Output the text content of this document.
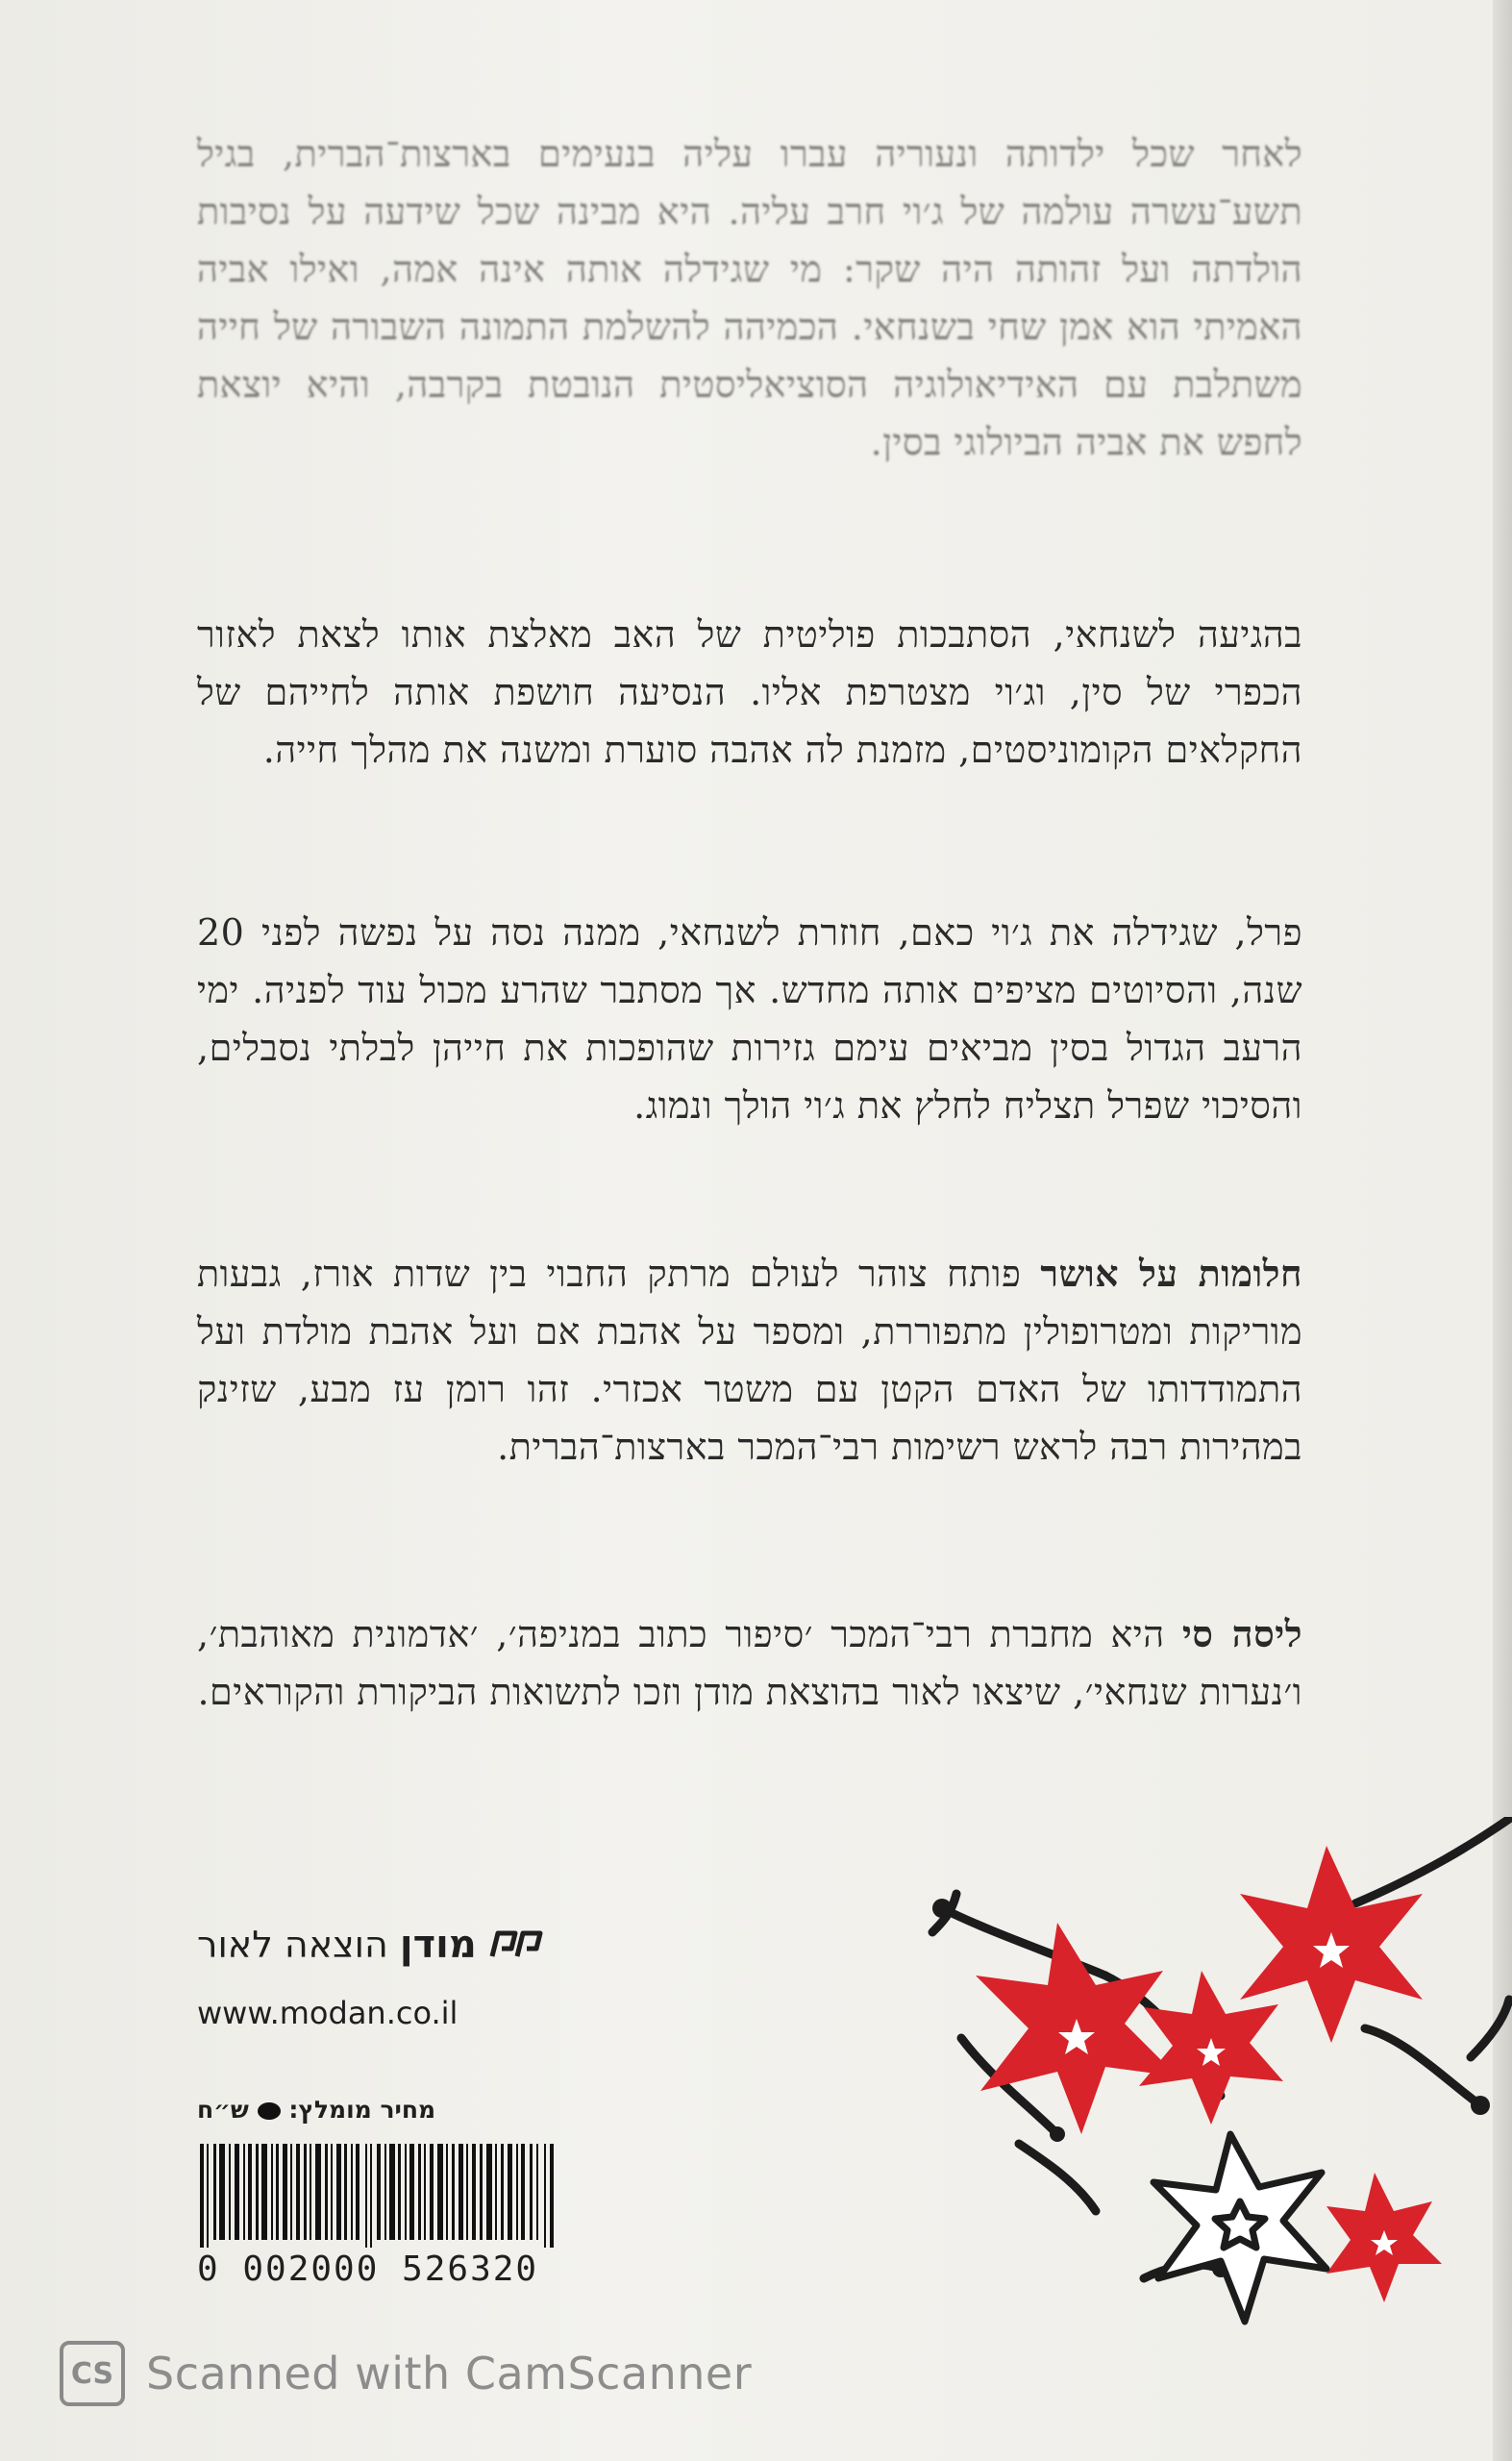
לאחר שכל ילדותה ונעוריה עברו עליה בנעימים בארצות־הברית, בגיל תשע־עשרה עולמה של ג׳וי חרב עליה. היא מבינה שכל שידעה על נסיבות הולדתה ועל זהותה היה שקר: מי שגידלה אותה אינה אמה, ואילו אביה האמיתי הוא אמן שחי בשנחאי. הכמיהה להשלמת התמונה השבורה של חייה משתלבת עם האידיאולוגיה הסוציאליסטית הנובטת בקרבה, והיא יוצאת לחפש את אביה הביולוגי בסין.

בהגיעה לשנחאי, הסתבכות פוליטית של האב מאלצת אותו לצאת לאזור הכפרי של סין, וג׳וי מצטרפת אליו. הנסיעה חושפת אותה לחייהם של החקלאים הקומוניסטים, מזמנת לה אהבה סוערת ומשנה את מהלך חייה.

פרל, שגידלה את ג׳וי כאם, חוזרת לשנחאי, ממנה נסה על נפשה לפני 20 שנה, והסיוטים מציפים אותה מחדש. אך מסתבר שהרע מכול עוד לפניה. ימי הרעב הגדול בסין מביאים עימם גזירות שהופכות את חייהן לבלתי נסבלים, והסיכוי שפרל תצליח לחלץ את ג׳וי הולך ונמוג.

חלומות על אושר פותח צוהר לעולם מרתק החבוי בין שדות אורז, גבעות מוריקות ומטרופולין מתפוררת, ומספר על אהבת אם ועל אהבת מולדת ועל התמודדותו של האדם הקטן עם משטר אכזרי. זהו רומן עז מבע, שזינק במהירות רבה לראש רשימות רבי־המכר בארצות־הברית.

ליסה סי היא מחברת רבי־המכר ׳סיפור כתוב במניפה׳, ׳אדמונית מאוהבת׳, ו׳נערות שנחאי׳, שיצאו לאור בהוצאת מודן וזכו לתשואות הביקורת והקוראים.

מודן
הוצאה לאור
www.modan.co.il
מחיר מומלץ:  ש״ח
0 002000 526320
CS Scanned with CamScanner
